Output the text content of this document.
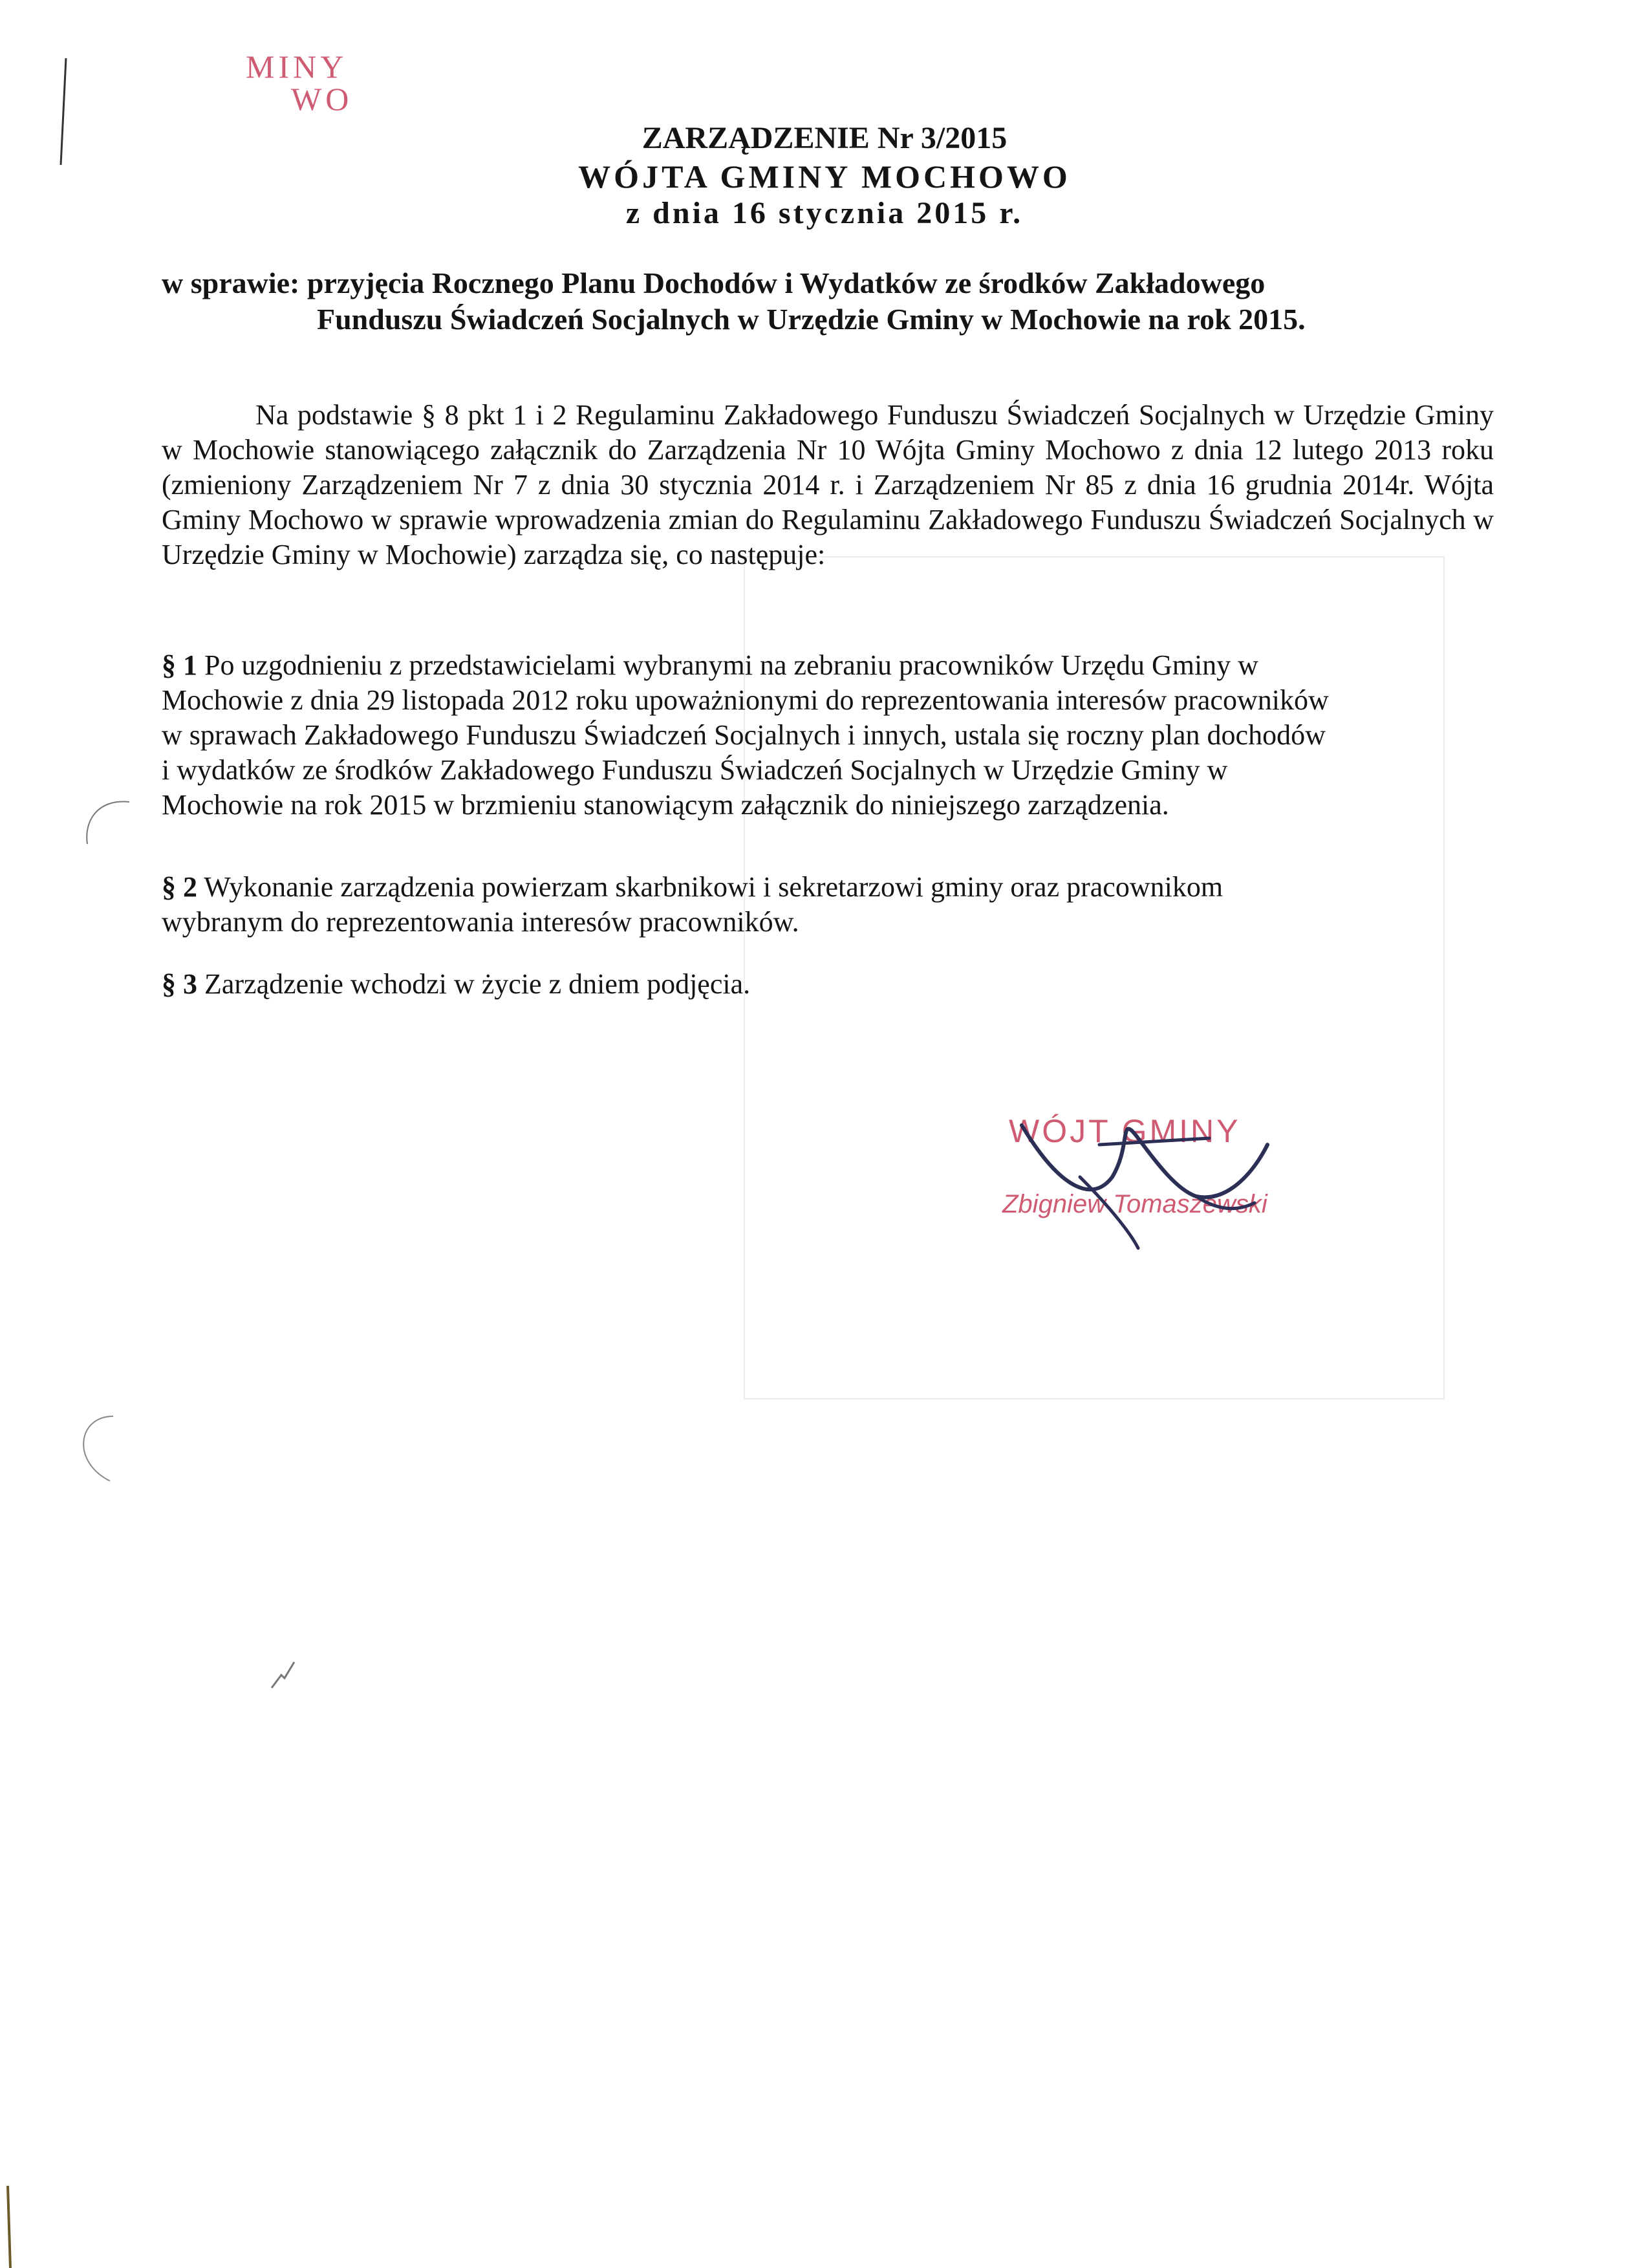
MINY
WO
ZARZĄDZENIE Nr 3/2015
WÓJTA GMINY MOCHOWO
z dnia 16 stycznia 2015 r.
w sprawie: przyjęcia Rocznego Planu Dochodów i Wydatków ze środków Zakładowego
Funduszu Świadczeń Socjalnych w Urzędzie Gminy w Mochowie na rok 2015.
Na podstawie § 8 pkt 1 i 2 Regulaminu Zakładowego Funduszu Świadczeń Socjalnych w Urzędzie Gminy w Mochowie stanowiącego załącznik do Zarządzenia Nr 10 Wójta Gminy Mochowo z dnia 12 lutego 2013 roku (zmieniony Zarządzeniem Nr 7 z dnia 30 stycznia 2014 r. i Zarządzeniem Nr 85 z dnia 16 grudnia 2014r. Wójta Gminy Mochowo w sprawie wprowadzenia zmian do Regulaminu Zakładowego Funduszu Świadczeń Socjalnych w Urzędzie Gminy w Mochowie) zarządza się, co następuje:
§ 1 Po uzgodnieniu z przedstawicielami wybranymi na zebraniu pracowników Urzędu Gminy w
Mochowie z dnia 29 listopada 2012 roku upoważnionymi do reprezentowania interesów pracowników
w sprawach Zakładowego Funduszu Świadczeń Socjalnych i innych, ustala się roczny plan dochodów
i wydatków ze środków Zakładowego Funduszu Świadczeń Socjalnych w Urzędzie Gminy w
Mochowie na rok 2015 w brzmieniu stanowiącym załącznik do niniejszego zarządzenia.
§ 2 Wykonanie zarządzenia powierzam skarbnikowi i sekretarzowi gminy oraz pracownikom
wybranym do reprezentowania interesów pracowników.
§ 3 Zarządzenie wchodzi w życie z dniem podjęcia.
WÓJT GMINY
Zbigniew Tomaszewski
